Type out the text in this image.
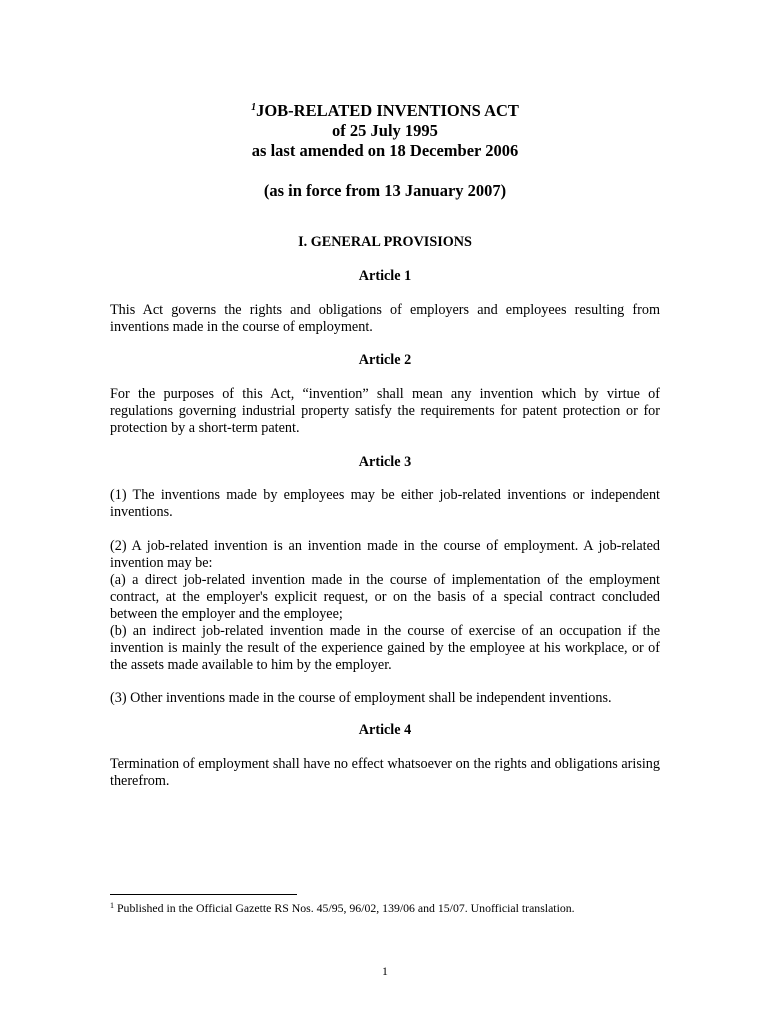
$^1$JOB-RELATED INVENTIONS ACT
of 25 July 1995
as last amended on 18 December 2006
(as in force from 13 January 2007)
I. GENERAL PROVISIONS
Article 1

This Act governs the rights and obligations of employers and employees resulting from inventions made in the course of employment.

Article 2

For the purposes of this Act, “invention” shall mean any invention which by virtue of regulations governing industrial property satisfy the requirements for patent protection or for protection by a short-term patent.

Article 3

(1) The inventions made by employees may be either job-related inventions or independent inventions.

(2) A job-related invention is an invention made in the course of employment. A job-related invention may be:

(a) a direct job-related invention made in the course of implementation of the employment contract, at the employer's explicit request, or on the basis of a special contract concluded between the employer and the employee;

(b) an indirect job-related invention made in the course of exercise of an occupation if the invention is mainly the result of the experience gained by the employee at his workplace, or of the assets made available to him by the employer.

(3) Other inventions made in the course of employment shall be independent inventions.

Article 4

Termination of employment shall have no effect whatsoever on the rights and obligations arising therefrom.

$^1$ Published in the Official Gazette RS Nos. 45/95, 96/02, 139/06 and 15/07. Unofficial translation.

1
